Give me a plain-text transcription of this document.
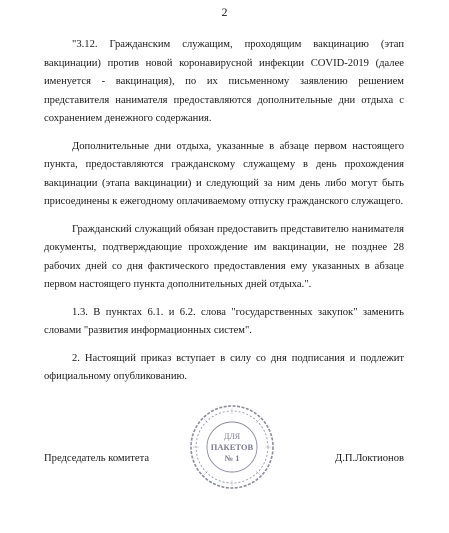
2

"3.12. Гражданским служащим, проходящим вакцинацию (этап вакцинации) против новой коронавирусной инфекции COVID-2019 (далее именуется - вакцинация), по их письменному заявлению решением представителя нанимателя предоставляются дополнительные дни отдыха с сохранением денежного содержания.

Дополнительные дни отдыха, указанные в абзаце первом настоящего пункта, предоставляются гражданскому служащему в день прохождения вакцинации (этапа вакцинации) и следующий за ним день либо могут быть присоединены к ежегодному оплачиваемому отпуску гражданского служащего.

Гражданский служащий обязан предоставить представителю нанимателя документы, подтверждающие прохождение им вакцинации, не позднее 28 рабочих дней со дня фактического предоставления ему указанных в абзаце первом настоящего пункта дополнительных дней отдыха.".

1.3. В пунктах 6.1. и 6.2. слова "государственных закупок" заменить словами "развития информационных систем".

2. Настоящий приказ вступает в силу со дня подписания и подлежит официальному опубликованию.

ДЛЯ
ПАКЕТОВ
№ 1
Председатель комитета	Д.П.Локтионов
